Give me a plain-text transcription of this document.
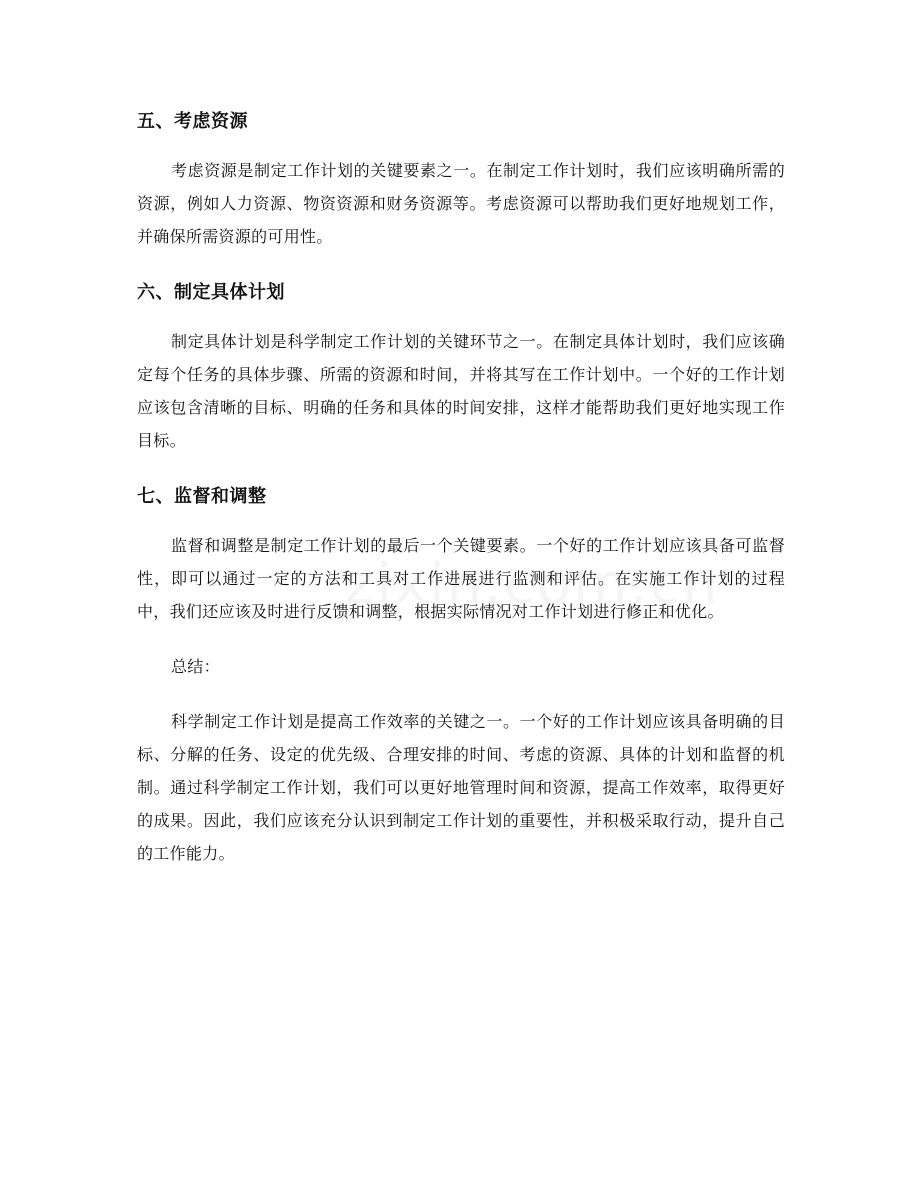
五、考虑资源

考虑资源是制定工作计划的关键要素之一。在制定工作计划时，我们应该明确所需的资源，例如人力资源、物资资源和财务资源等。考虑资源可以帮助我们更好地规划工作，并确保所需资源的可用性。

六、制定具体计划

制定具体计划是科学制定工作计划的关键环节之一。在制定具体计划时，我们应该确定每个任务的具体步骤、所需的资源和时间，并将其写在工作计划中。一个好的工作计划应该包含清晰的目标、明确的任务和具体的时间安排，这样才能帮助我们更好地实现工作目标。

七、监督和调整

监督和调整是制定工作计划的最后一个关键要素。一个好的工作计划应该具备可监督性，即可以通过一定的方法和工具对工作进展进行监测和评估。在实施工作计划的过程中，我们还应该及时进行反馈和调整，根据实际情况对工作计划进行修正和优化。

总结：

科学制定工作计划是提高工作效率的关键之一。一个好的工作计划应该具备明确的目标、分解的任务、设定的优先级、合理安排的时间、考虑的资源、具体的计划和监督的机制。通过科学制定工作计划，我们可以更好地管理时间和资源，提高工作效率，取得更好的成果。因此，我们应该充分认识到制定工作计划的重要性，并积极采取行动，提升自己的工作能力。
